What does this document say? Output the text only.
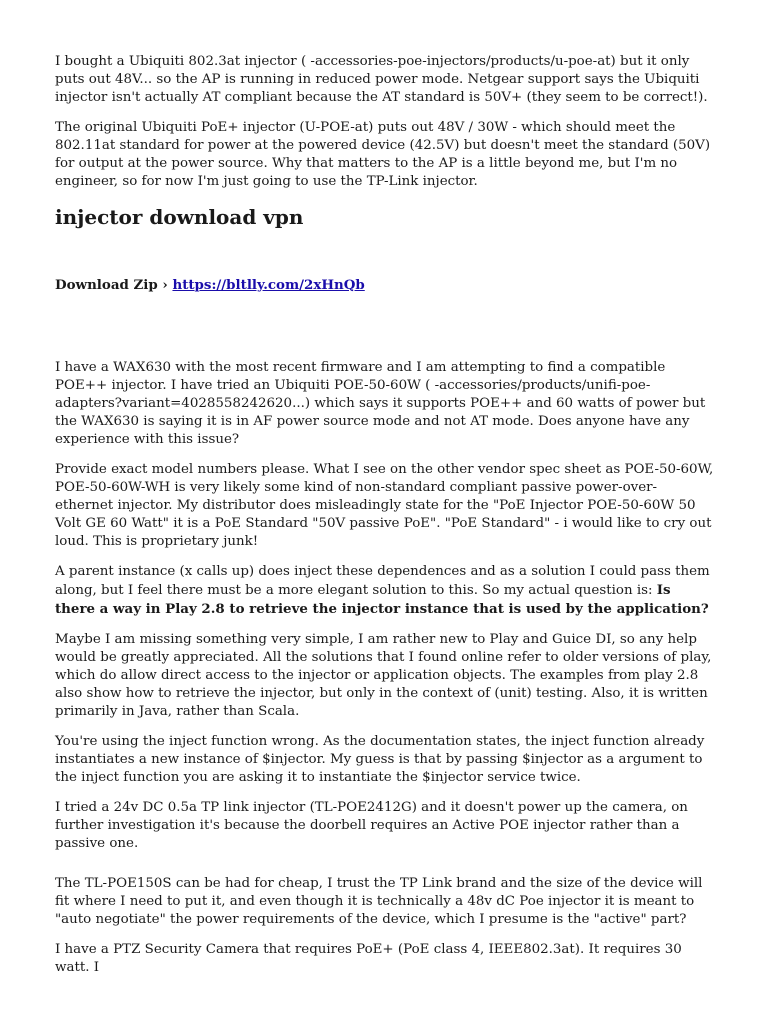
I bought a Ubiquiti 802.3at injector ( -accessories-poe-injectors/products/u-poe-at) but it only puts out 48V... so the AP is running in reduced power mode. Netgear support says the Ubiquiti injector isn't actually AT compliant because the AT standard is 50V+ (they seem to be correct!).

The original Ubiquiti PoE+ injector (U-POE-at) puts out 48V / 30W - which should meet the 802.11at standard for power at the powered device (42.5V) but doesn't meet the standard (50V) for output at the power source. Why that matters to the AP is a little beyond me, but I'm no engineer, so for now I'm just going to use the TP-Link injector.

injector download vpn
Download Zip › https://bltlly.com/2xHnQb

I have a WAX630 with the most recent firmware and I am attempting to find a compatible POE++ injector. I have tried an Ubiquiti POE-50-60W ( -accessories/products/unifi-poe-adapters?variant=4028558242620...) which says it supports POE++ and 60 watts of power but the WAX630 is saying it is in AF power source mode and not AT mode. Does anyone have any experience with this issue?

Provide exact model numbers please. What I see on the other vendor spec sheet as POE-50-60W, POE-50-60W-WH is very likely some kind of non-standard compliant passive power-over-ethernet injector. My distributor does misleadingly state for the "PoE Injector POE-50-60W 50 Volt GE 60 Watt" it is a PoE Standard "50V passive PoE". "PoE Standard" - i would like to cry out loud. This is proprietary junk!

A parent instance (x calls up) does inject these dependences and as a solution I could pass them along, but I feel there must be a more elegant solution to this. So my actual question is: Is there a way in Play 2.8 to retrieve the injector instance that is used by the application?

Maybe I am missing something very simple, I am rather new to Play and Guice DI, so any help would be greatly appreciated. All the solutions that I found online refer to older versions of play, which do allow direct access to the injector or application objects. The examples from play 2.8 also show how to retrieve the injector, but only in the context of (unit) testing. Also, it is written primarily in Java, rather than Scala.

You're using the inject function wrong. As the documentation states, the inject function already instantiates a new instance of $injector. My guess is that by passing $injector as a argument to the inject function you are asking it to instantiate the $injector service twice.

I tried a 24v DC 0.5a TP link injector (TL-POE2412G) and it doesn't power up the camera, on further investigation it's because the doorbell requires an Active POE injector rather than a passive one.

The TL-POE150S can be had for cheap, I trust the TP Link brand and the size of the device will fit where I need to put it, and even though it is technically a 48v dC Poe injector it is meant to "auto negotiate" the power requirements of the device, which I presume is the "active" part?

I have a PTZ Security Camera that requires PoE+ (PoE class 4, IEEE802.3at). It requires 30 watt. I
